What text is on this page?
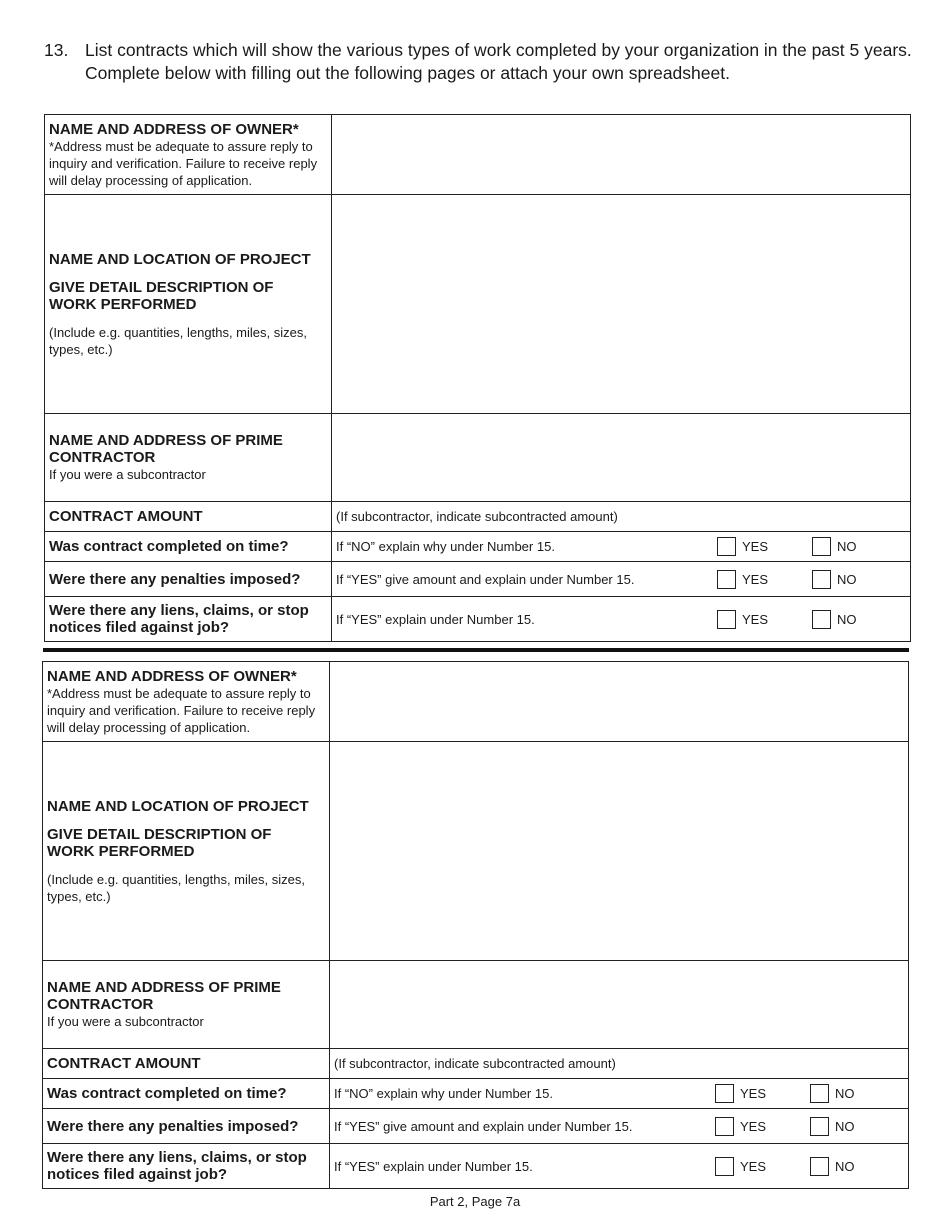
13. List contracts which will show the various types of work completed by your organization in the past 5 years. Complete below with filling out the following pages or attach your own spreadsheet.
NAME AND ADDRESS OF OWNER*
*Address must be adequate to assure reply to inquiry and verification. Failure to receive reply will delay processing of application.	

NAME AND LOCATION OF PROJECT
GIVE DETAIL DESCRIPTION OF
WORK PERFORMED
(Include e.g. quantities, lengths, miles, sizes, types, etc.)	

NAME AND ADDRESS OF PRIME CONTRACTOR
If you were a subcontractor	

CONTRACT AMOUNT	(If subcontractor, indicate subcontracted amount)

Was contract completed on time?	If “NO” explain why under Number 15. YES NO

Were there any penalties imposed?	If “YES” give amount and explain under Number 15. YES NO

Were there any liens, claims, or stop notices filed against job?	If “YES” explain under Number 15. YES NO
NAME AND ADDRESS OF OWNER*
*Address must be adequate to assure reply to inquiry and verification. Failure to receive reply will delay processing of application.	

NAME AND LOCATION OF PROJECT
GIVE DETAIL DESCRIPTION OF
WORK PERFORMED
(Include e.g. quantities, lengths, miles, sizes, types, etc.)	

NAME AND ADDRESS OF PRIME CONTRACTOR
If you were a subcontractor	

CONTRACT AMOUNT	(If subcontractor, indicate subcontracted amount)

Was contract completed on time?	If “NO” explain why under Number 15. YES NO

Were there any penalties imposed?	If “YES” give amount and explain under Number 15. YES NO

Were there any liens, claims, or stop notices filed against job?	If “YES” explain under Number 15. YES NO
Part 2, Page 7a
